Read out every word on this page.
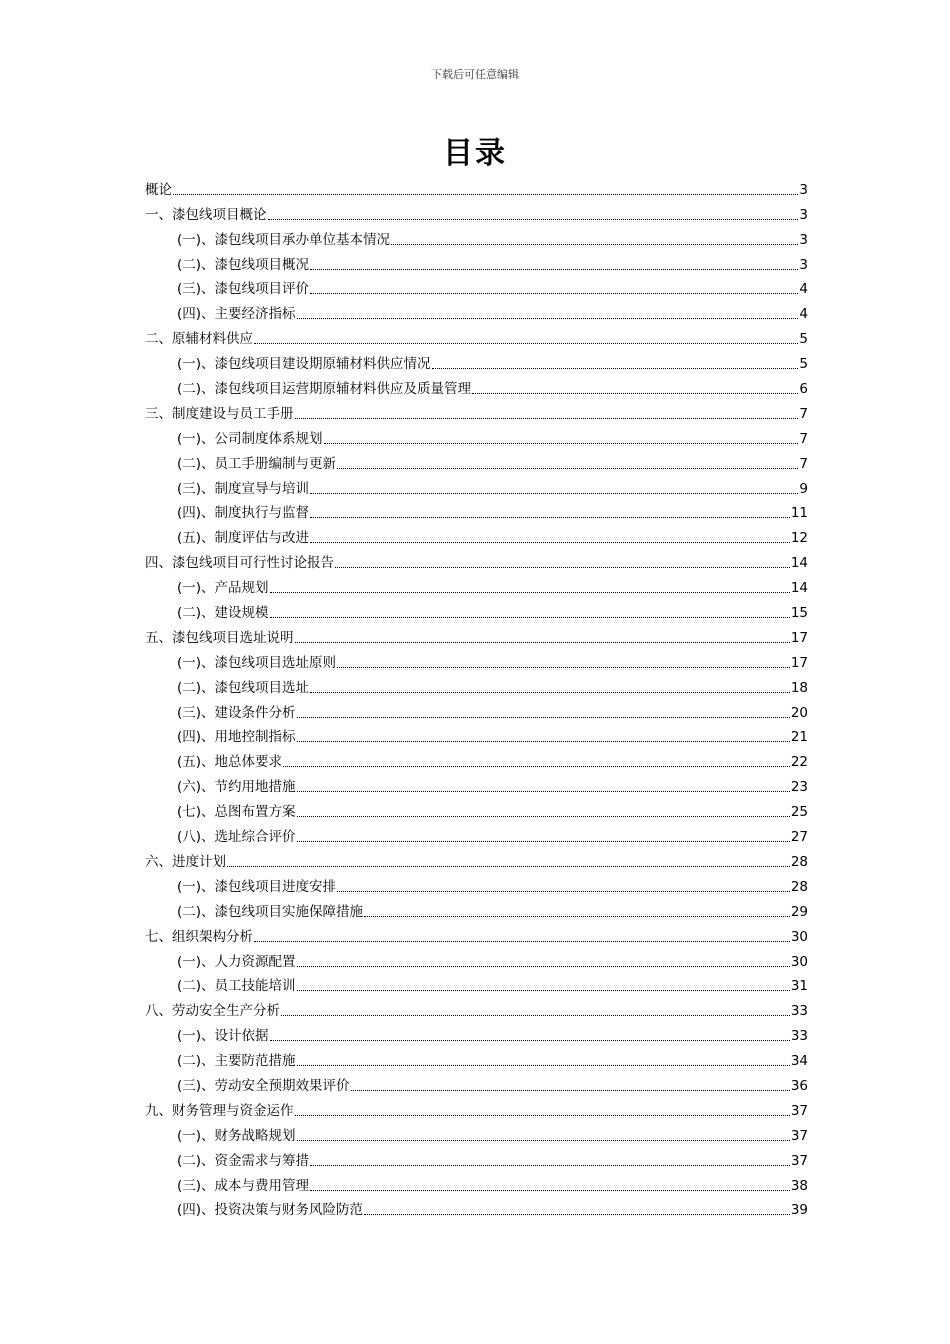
下载后可任意编辑
目录
概论	3
一、漆包线项目概论	3
(一)、漆包线项目承办单位基本情况	3
(二)、漆包线项目概况	3
(三)、漆包线项目评价	4
(四)、主要经济指标	4
二、原辅材料供应	5
(一)、漆包线项目建设期原辅材料供应情况	5
(二)、漆包线项目运营期原辅材料供应及质量管理	6
三、制度建设与员工手册	7
(一)、公司制度体系规划	7
(二)、员工手册编制与更新	7
(三)、制度宣导与培训	9
(四)、制度执行与监督	11
(五)、制度评估与改进	12
四、漆包线项目可行性讨论报告	14
(一)、产品规划	14
(二)、建设规模	15
五、漆包线项目选址说明	17
(一)、漆包线项目选址原则	17
(二)、漆包线项目选址	18
(三)、建设条件分析	20
(四)、用地控制指标	21
(五)、地总体要求	22
(六)、节约用地措施	23
(七)、总图布置方案	25
(八)、选址综合评价	27
六、进度计划	28
(一)、漆包线项目进度安排	28
(二)、漆包线项目实施保障措施	29
七、组织架构分析	30
(一)、人力资源配置	30
(二)、员工技能培训	31
八、劳动安全生产分析	33
(一)、设计依据	33
(二)、主要防范措施	34
(三)、劳动安全预期效果评价	36
九、财务管理与资金运作	37
(一)、财务战略规划	37
(二)、资金需求与筹措	37
(三)、成本与费用管理	38
(四)、投资决策与财务风险防范	39
